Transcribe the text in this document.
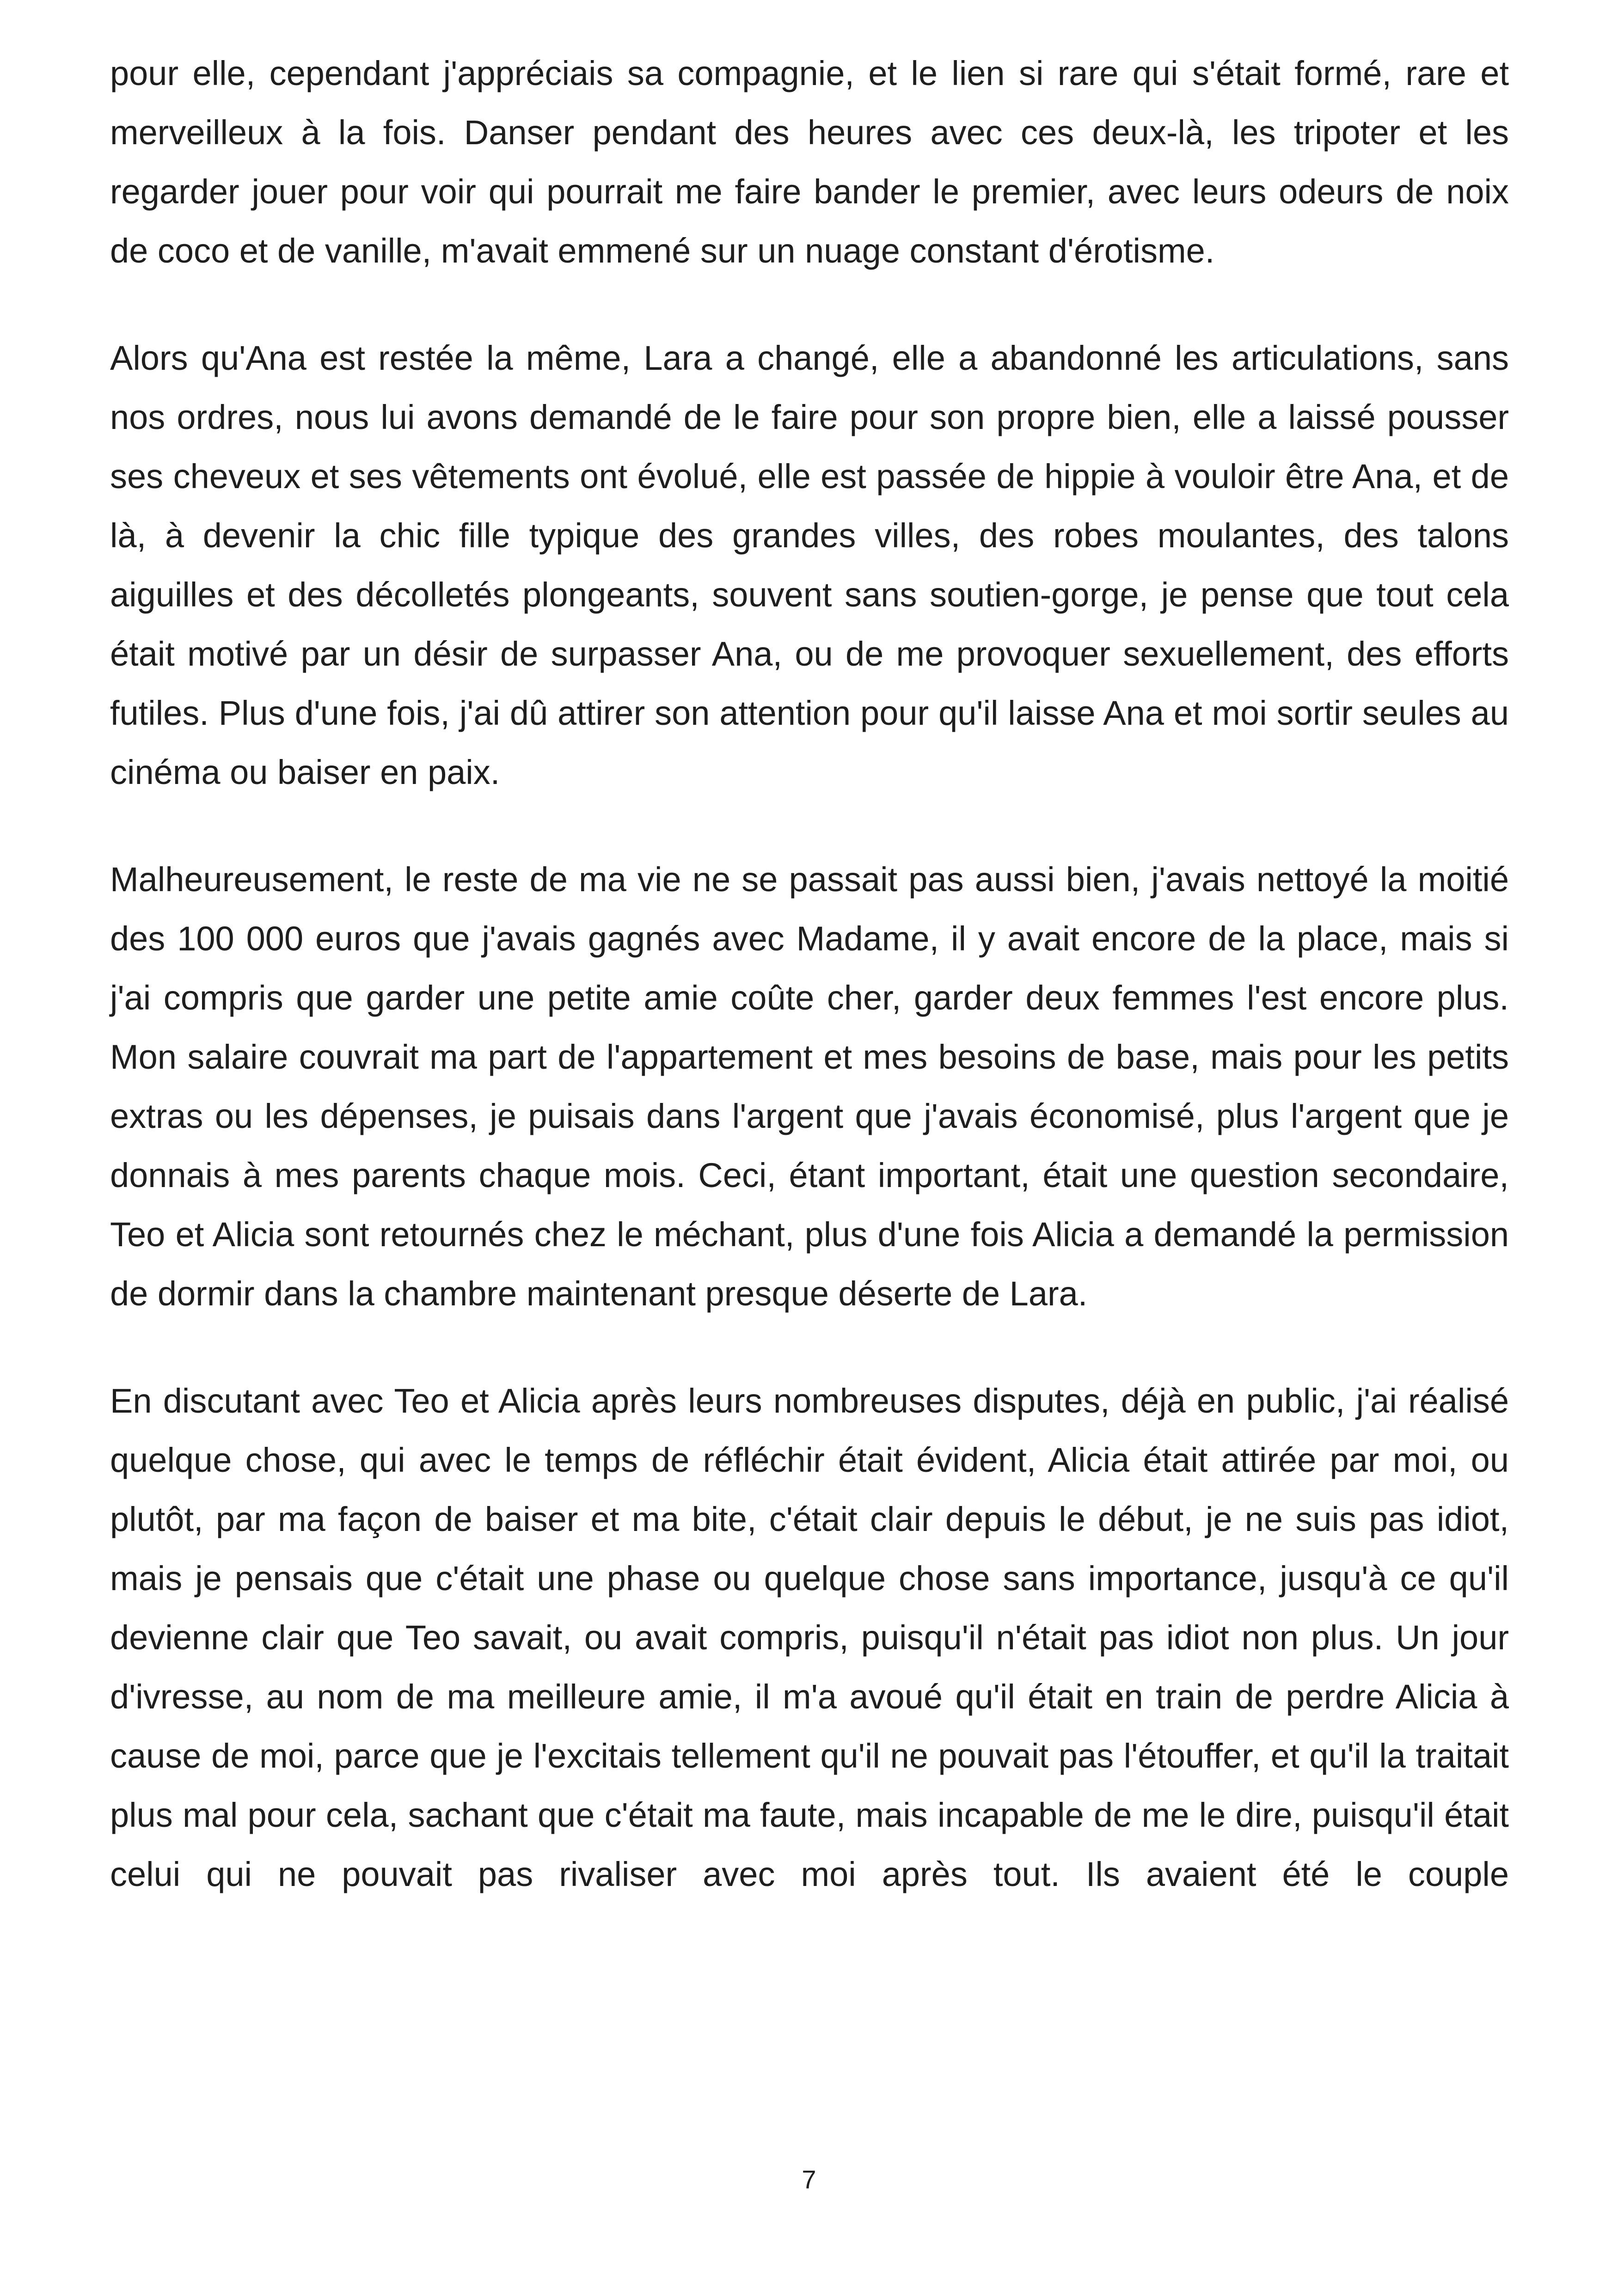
pour elle, cependant j'appréciais sa compagnie, et le lien si rare qui s'était formé, rare et merveilleux à la fois. Danser pendant des heures avec ces deux-là, les tripoter et les regarder jouer pour voir qui pourrait me faire bander le premier, avec leurs odeurs de noix de coco et de vanille, m'avait emmené sur un nuage constant d'érotisme.

Alors qu'Ana est restée la même, Lara a changé, elle a abandonné les articulations, sans nos ordres, nous lui avons demandé de le faire pour son propre bien, elle a laissé pousser ses cheveux et ses vêtements ont évolué, elle est passée de hippie à vouloir être Ana, et de là, à devenir la chic fille typique des grandes villes, des robes moulantes, des talons aiguilles et des décolletés plongeants, souvent sans soutien-gorge, je pense que tout cela était motivé par un désir de surpasser Ana, ou de me provoquer sexuellement, des efforts futiles. Plus d'une fois, j'ai dû attirer son attention pour qu'il laisse Ana et moi sortir seules au cinéma ou baiser en paix.

Malheureusement, le reste de ma vie ne se passait pas aussi bien, j'avais nettoyé la moitié des 100 000 euros que j'avais gagnés avec Madame, il y avait encore de la place, mais si j'ai compris que garder une petite amie coûte cher, garder deux femmes l'est encore plus. Mon salaire couvrait ma part de l'appartement et mes besoins de base, mais pour les petits extras ou les dépenses, je puisais dans l'argent que j'avais économisé, plus l'argent que je donnais à mes parents chaque mois. Ceci, étant important, était une question secondaire, Teo et Alicia sont retournés chez le méchant, plus d'une fois Alicia a demandé la permission de dormir dans la chambre maintenant presque déserte de Lara.

En discutant avec Teo et Alicia après leurs nombreuses disputes, déjà en public, j'ai réalisé quelque chose, qui avec le temps de réfléchir était évident, Alicia était attirée par moi, ou plutôt, par ma façon de baiser et ma bite, c'était clair depuis le début, je ne suis pas idiot, mais je pensais que c'était une phase ou quelque chose sans importance, jusqu'à ce qu'il devienne clair que Teo savait, ou avait compris, puisqu'il n'était pas idiot non plus. Un jour d'ivresse, au nom de ma meilleure amie, il m'a avoué qu'il était en train de perdre Alicia à cause de moi, parce que je l'excitais tellement qu'il ne pouvait pas l'étouffer, et qu'il la traitait plus mal pour cela, sachant que c'était ma faute, mais incapable de me le dire, puisqu'il était celui qui ne pouvait pas rivaliser avec moi après tout. Ils avaient été le couple

7
